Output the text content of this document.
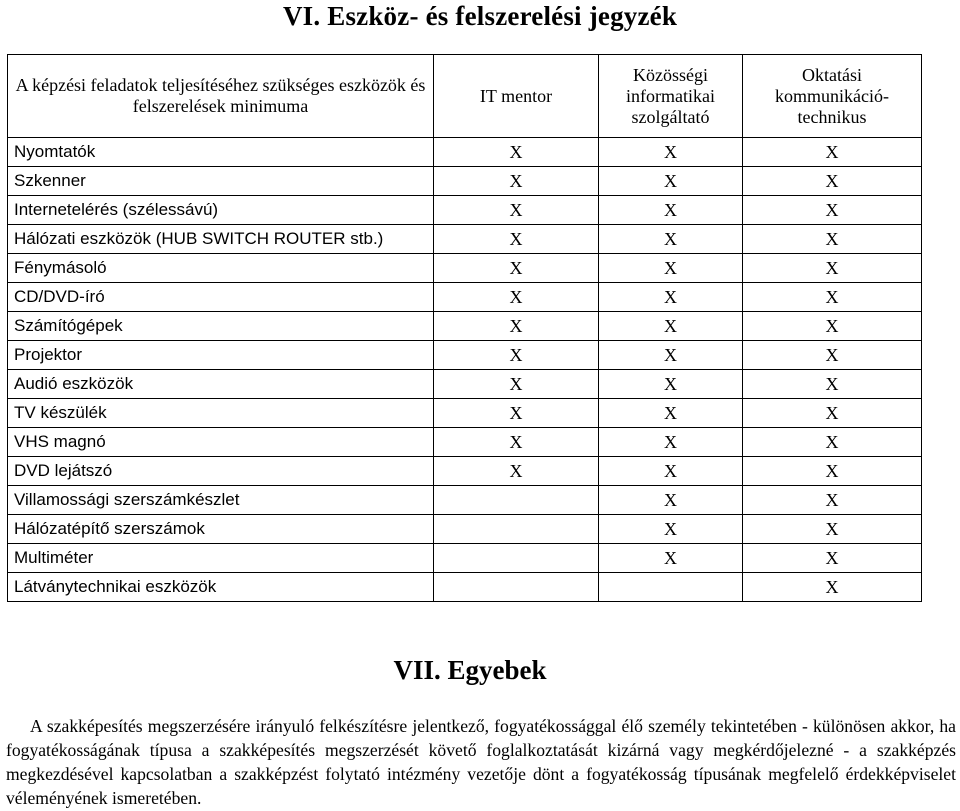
VI. Eszköz- és felszerelési jegyzék
A képzési feladatok teljesítéséhez szükséges eszközök és felszerelések minimuma	IT mentor	Közösségi informatikai szolgáltató	Oktatási kommunikáció-technikus
Nyomtatók	X	X	X
Szkenner	X	X	X
Internetelérés (szélessávú)	X	X	X
Hálózati eszközök (HUB SWITCH ROUTER stb.)	X	X	X
Fénymásoló	X	X	X
CD/DVD-író	X	X	X
Számítógépek	X	X	X
Projektor	X	X	X
Audió eszközök	X	X	X
TV készülék	X	X	X
VHS magnó	X	X	X
DVD lejátszó	X	X	X
Villamossági szerszámkészlet		X	X
Hálózatépítő szerszámok		X	X
Multiméter		X	X
Látványtechnikai eszközök			X
VII. Egyebek
A szakképesítés megszerzésére irányuló felkészítésre jelentkező, fogyatékossággal élő személy tekintetében - különösen akkor, ha fogyatékosságának típusa a szakképesítés megszerzését követő foglalkoztatását kizárná vagy megkérdőjelezné - a szakképzés megkezdésével kapcsolatban a szakképzést folytató intézmény vezetője dönt a fogyatékosság típusának megfelelő érdekképviselet véleményének ismeretében.
